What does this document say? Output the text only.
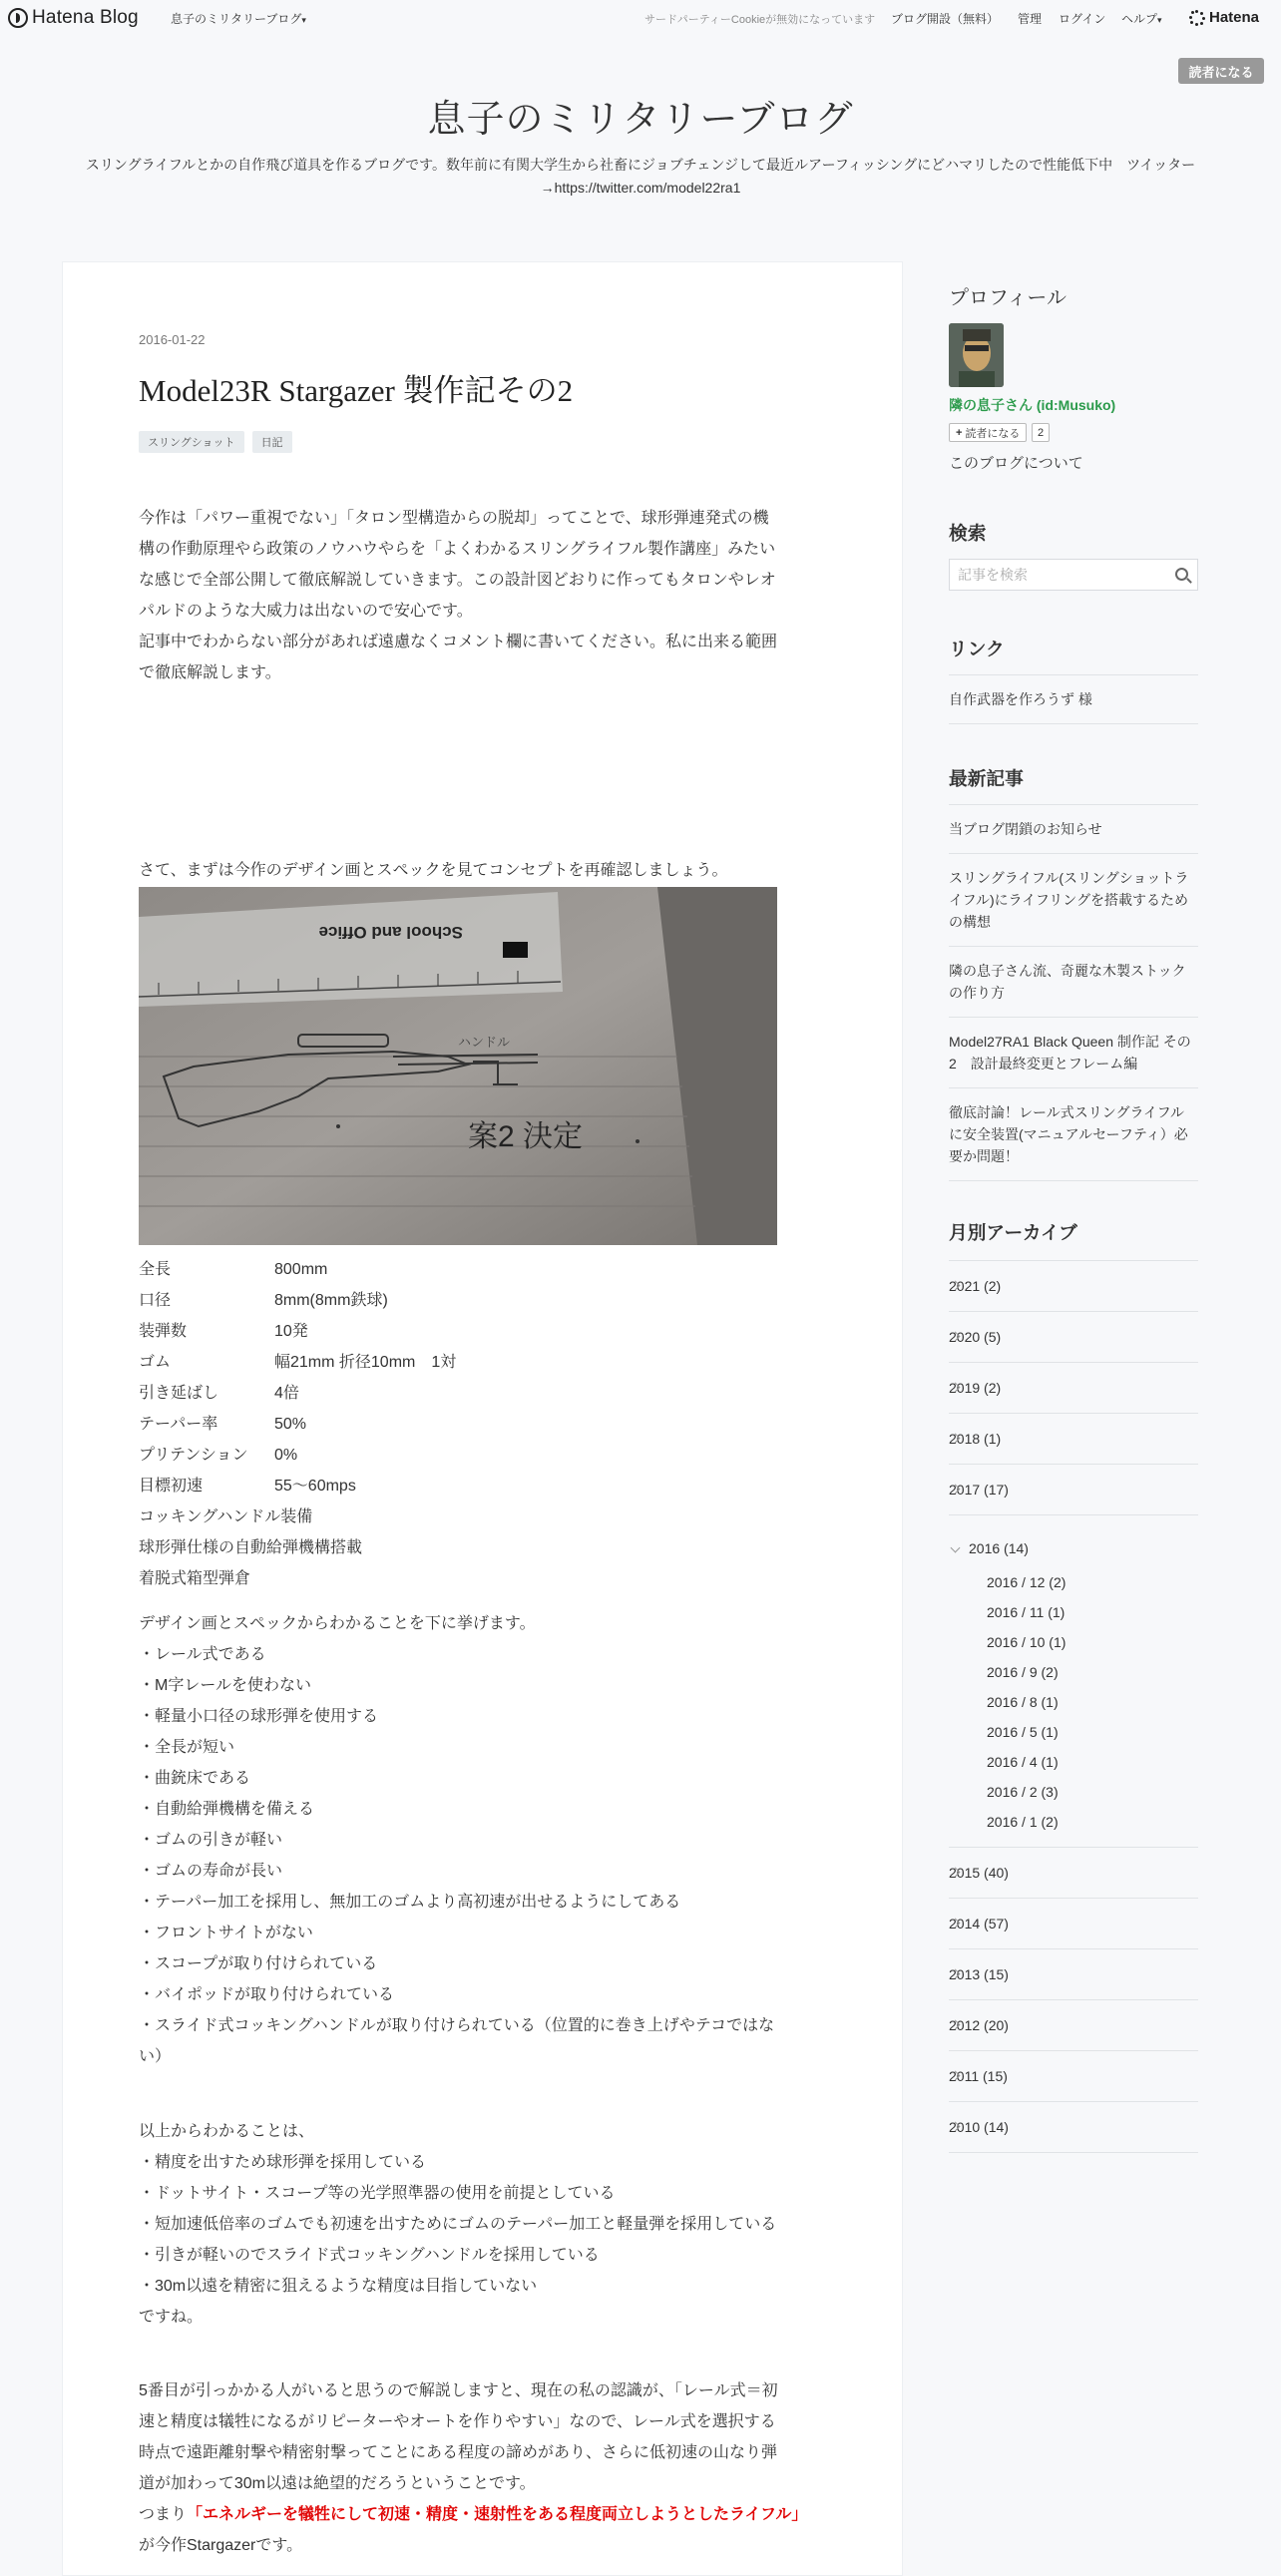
Hatena Blog	息子のミリタリーブログ▾	サードパーティーCookieが無効になっています ブログ開設（無料） 管理 ログイン ヘルプ▾	Hatena
読者になる
息子のミリタリーブログ

スリングライフルとかの自作飛び道具を作るブログです。数年前に有関大学生から社畜にジョブチェンジして最近ルアーフィッシングにどハマリしたので性能低下中　ツイッター→https://twitter.com/model22ra1

2016-01-22
Model23R Stargazer 製作記その2
スリングショット	日記
今作は「パワー重視でない」「タロン型構造からの脱却」ってことで、球形弾連発式の機
構の作動原理やら政策のノウハウやらを「よくわかるスリングライフル製作講座」みたい
な感じで全部公開して徹底解説していきます。この設計図どおりに作ってもタロンやレオ
パルドのような大威力は出ないので安心です。
記事中でわからない部分があれば遠慮なくコメント欄に書いてください。私に出来る範囲
で徹底解説します。
さて、まずは今作のデザイン画とスペックを見てコンセプトを再確認しましょう。
School and Office
ハンドル
案2 決定
全長	800mm
口径	8mm(8mm鉄球)
装弾数	10発
ゴム	幅21mm 折径10mm　1対
引き延ばし	4倍
テーパー率	50%
プリテンション	0%
目標初速	55〜60mps
コッキングハンドル装備
球形弾仕様の自動給弾機構搭載
着脱式箱型弾倉
デザイン画とスペックからわかることを下に挙げます。
・レール式である
・M字レールを使わない
・軽量小口径の球形弾を使用する
・全長が短い
・曲銃床である
・自動給弾機構を備える
・ゴムの引きが軽い
・ゴムの寿命が長い
・テーパー加工を採用し、無加工のゴムより高初速が出せるようにしてある
・フロントサイトがない
・スコープが取り付けられている
・バイポッドが取り付けられている
・スライド式コッキングハンドルが取り付けられている（位置的に巻き上げやテコではな
い）
以上からわかることは、
・精度を出すため球形弾を採用している
・ドットサイト・スコープ等の光学照準器の使用を前提としている
・短加速低倍率のゴムでも初速を出すためにゴムのテーパー加工と軽量弾を採用している
・引きが軽いのでスライド式コッキングハンドルを採用している
・30m以遠を精密に狙えるような精度は目指していない
ですね。
5番目が引っかかる人がいると思うので解説しますと、現在の私の認識が、「レール式＝初
速と精度は犠牲になるがリピーターやオートを作りやすい」なので、レール式を選択する
時点で遠距離射撃や精密射撃ってことにある程度の諦めがあり、さらに低初速の山なり弾
道が加わって30m以遠は絶望的だろうということです。
つまり「エネルギーを犠牲にして初速・精度・速射性をある程度両立しようとしたライフル」
が今作Stargazerです。
プロフィール
隣の息子さん (id:Musuko)
+ 読者になる	2
このブログについて
検索
記事を検索
リンク
自作武器を作ろうず 様
最新記事
当ブログ閉鎖のお知らせ
スリングライフル(スリングショットライフル)にライフリングを搭載するための構想
隣の息子さん流、奇麗な木製ストックの作り方
Model27RA1 Black Queen 制作記 その2　設計最終変更とフレーム編
徹底討論！レール式スリングライフルに安全装置(マニュアルセーフティ）必要か問題！
月別アーカイブ
2021 (2)
2020 (5)
2019 (2)
2018 (1)
2017 (17)
2016 (14)
2016 / 12 (2)
2016 / 11 (1)
2016 / 10 (1)
2016 / 9 (2)
2016 / 8 (1)
2016 / 5 (1)
2016 / 4 (1)
2016 / 2 (3)
2016 / 1 (2)
2015 (40)
2014 (57)
2013 (15)
2012 (20)
2011 (15)
2010 (14)
